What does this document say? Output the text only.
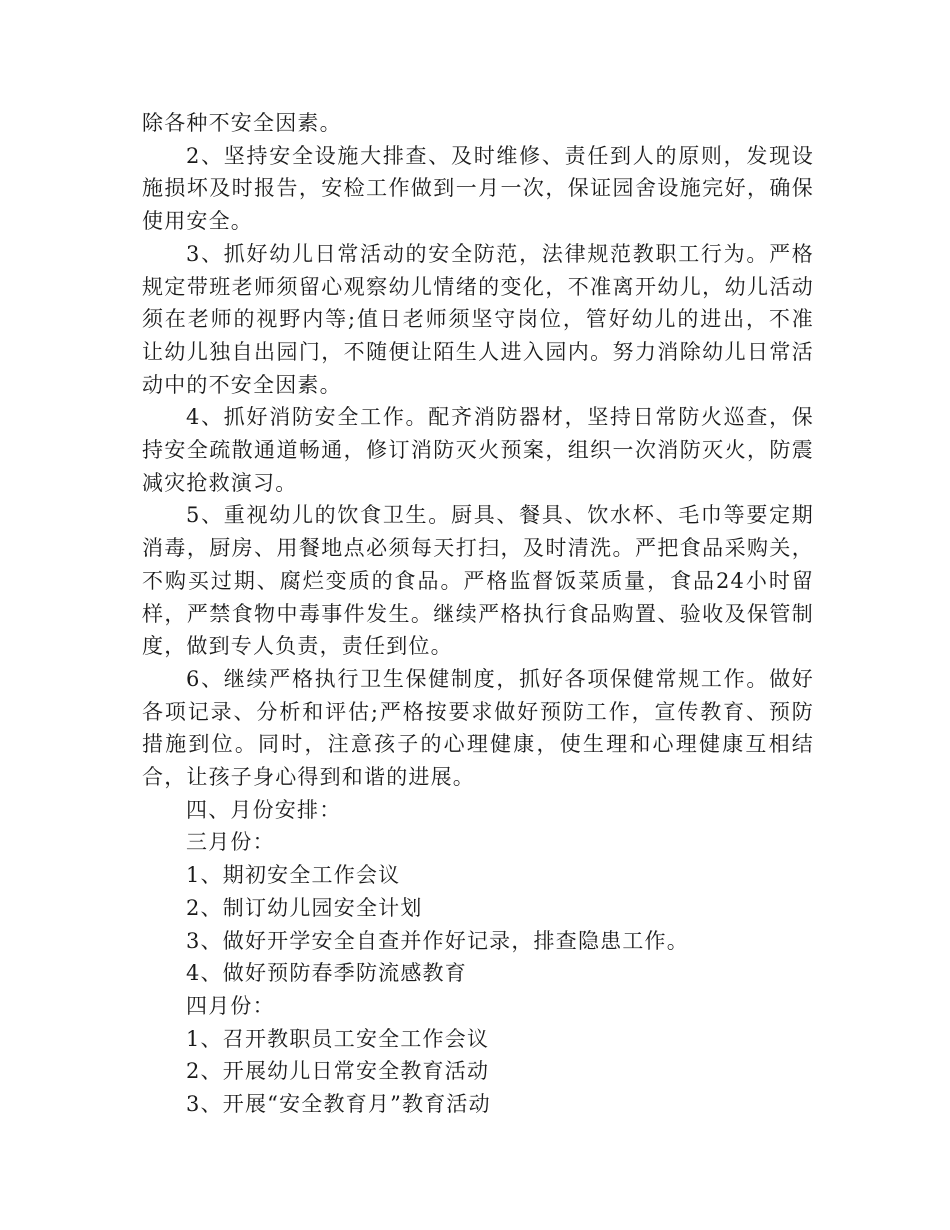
除各种不安全因素。

2、坚持安全设施大排查、及时维修、责任到人的原则，发现设施损坏及时报告，安检工作做到一月一次，保证园舍设施完好，确保使用安全。

3、抓好幼儿日常活动的安全防范，法律规范教职工行为。严格规定带班老师须留心观察幼儿情绪的变化，不准离开幼儿，幼儿活动须在老师的视野内等;值日老师须坚守岗位，管好幼儿的进出，不准让幼儿独自出园门，不随便让陌生人进入园内。努力消除幼儿日常活动中的不安全因素。

4、抓好消防安全工作。配齐消防器材，坚持日常防火巡查，保持安全疏散通道畅通，修订消防灭火预案，组织一次消防灭火，防震减灾抢救演习。

5、重视幼儿的饮食卫生。厨具、餐具、饮水杯、毛巾等要定期消毒，厨房、用餐地点必须每天打扫，及时清洗。严把食品采购关，不购买过期、腐烂变质的食品。严格监督饭菜质量，食品24小时留样，严禁食物中毒事件发生。继续严格执行食品购置、验收及保管制度，做到专人负责，责任到位。

6、继续严格执行卫生保健制度，抓好各项保健常规工作。做好各项记录、分析和评估;严格按要求做好预防工作，宣传教育、预防措施到位。同时，注意孩子的心理健康，使生理和心理健康互相结合，让孩子身心得到和谐的进展。

四、月份安排：

三月份：

1、期初安全工作会议

2、制订幼儿园安全计划

3、做好开学安全自查并作好记录，排查隐患工作。

4、做好预防春季防流感教育

四月份：

1、召开教职员工安全工作会议

2、开展幼儿日常安全教育活动

3、开展“安全教育月”教育活动
